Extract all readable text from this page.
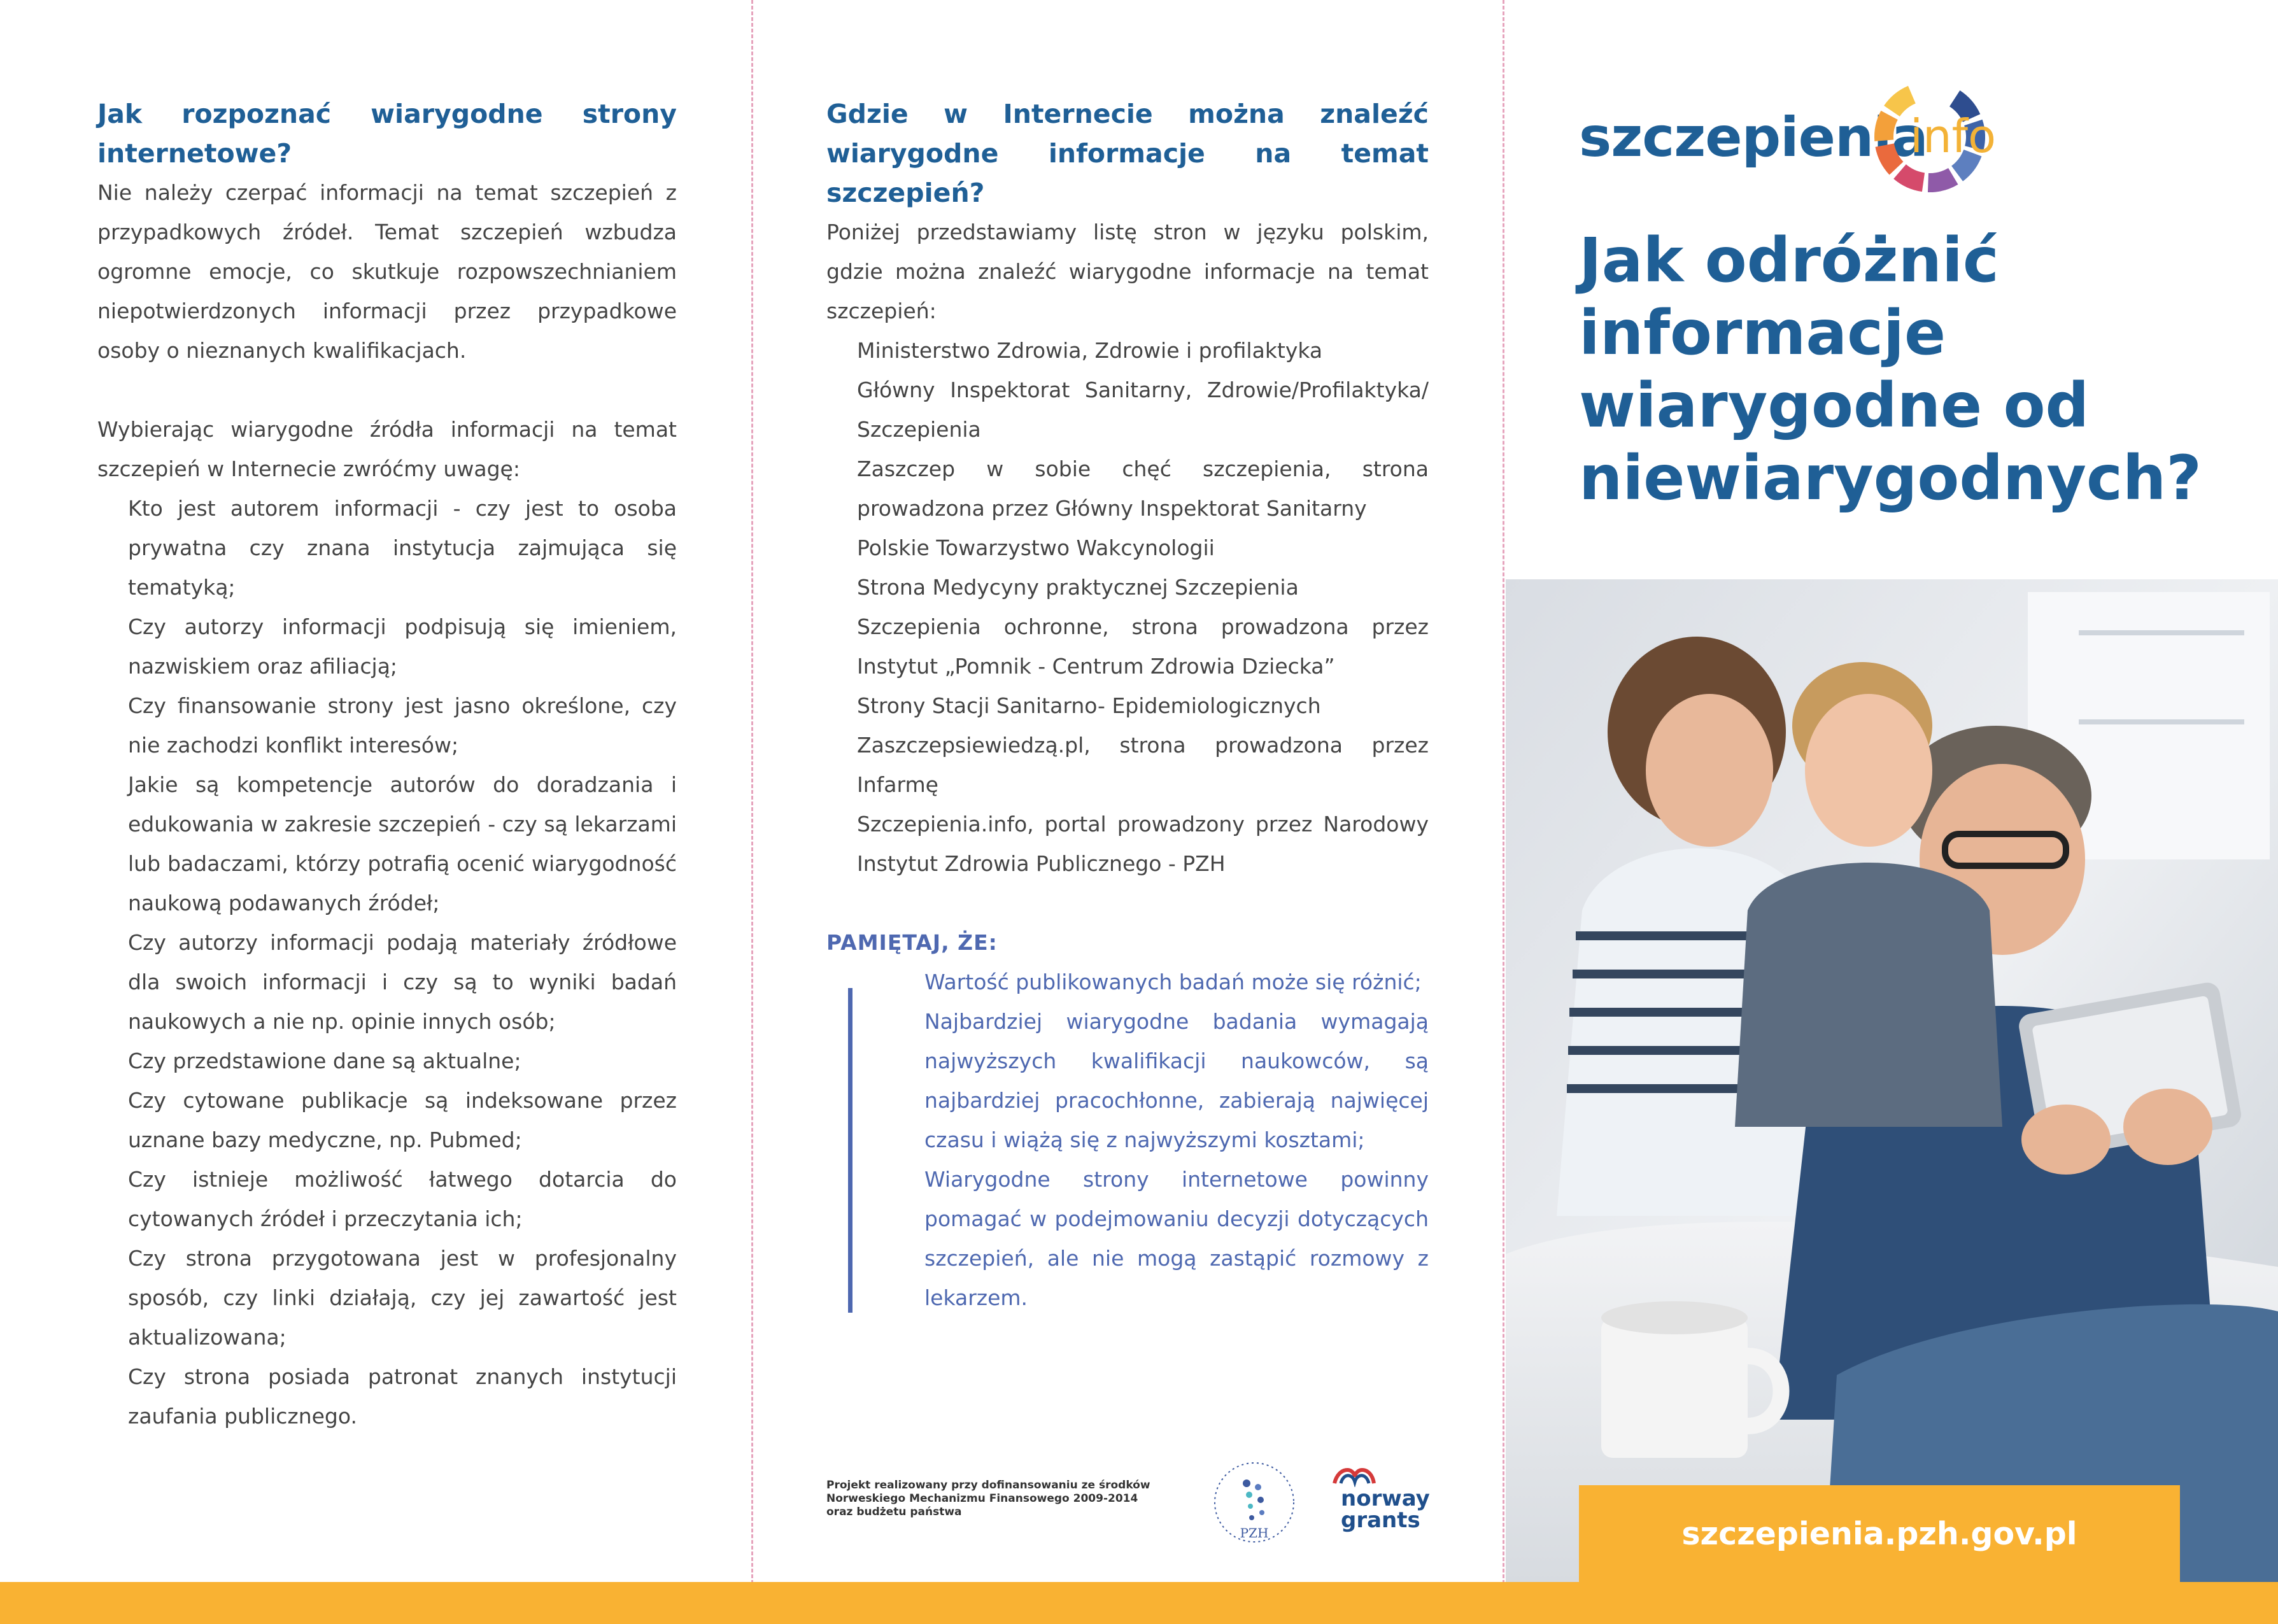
Jak rozpoznać wiarygodne strony internetowe?

Nie należy czerpać informacji na temat szczepień z przypadkowych źródeł. Temat szczepień wzbudza ogromne emocje, co skutkuje rozpowszechnianiem niepotwierdzonych informacji przez przypadkowe osoby o nieznanych kwalifikacjach.

Wybierając wiarygodne źródła informacji na temat szczepień w Internecie zwróćmy uwagę:

Kto jest autorem informacji - czy jest to osoba prywatna czy znana instytucja zajmująca się tematyką;
Czy autorzy informacji podpisują się imieniem, nazwiskiem oraz afiliacją;
Czy finansowanie strony jest jasno określone, czy nie zachodzi konflikt interesów;
Jakie są kompetencje autorów do doradzania i edukowania w zakresie szczepień - czy są lekarzami lub badaczami, którzy potrafią ocenić wiarygodność naukową podawanych źródeł;
Czy autorzy informacji podają materiały źródłowe dla swoich informacji i czy są to wyniki badań naukowych a nie np. opinie innych osób;
Czy przedstawione dane są aktualne;
Czy cytowane publikacje są indeksowane przez uznane bazy medyczne, np. Pubmed;
Czy istnieje możliwość łatwego dotarcia do cytowanych źródeł i przeczytania ich;
Czy strona przygotowana jest w profesjonalny sposób, czy linki działają, czy jej zawartość jest aktualizowana;
Czy strona posiada patronat znanych instytucji zaufania publicznego.
Gdzie w Internecie można znaleźć wiarygodne informacje na temat szczepień?

Poniżej przedstawiamy listę stron w języku polskim, gdzie można znaleźć wiarygodne informacje na temat szczepień:

Ministerstwo Zdrowia, Zdrowie i profilaktyka
Główny Inspektorat Sanitarny, Zdrowie/Profilaktyka/ Szczepienia
Zaszczep w sobie chęć szczepienia, strona prowadzona przez Główny Inspektorat Sanitarny
Polskie Towarzystwo Wakcynologii
Strona Medycyny praktycznej Szczepienia
Szczepienia ochronne, strona prowadzona przez Instytut „Pomnik - Centrum Zdrowia Dziecka”
Strony Stacji Sanitarno- Epidemiologicznych
Zaszczepsiewiedzą.pl, strona prowadzona przez Infarmę
Szczepienia.info, portal prowadzony przez Narodowy Instytut Zdrowia Publicznego - PZH

PAMIĘTAJ, ŻE:

Wartość publikowanych badań może się różnić;
Najbardziej wiarygodne badania wymagają najwyższych kwalifikacji naukowców, są najbardziej pracochłonne, zabierają najwięcej czasu i wiążą się z najwyższymi kosztami;
Wiarygodne strony internetowe powinny pomagać w podejmowaniu decyzji dotyczących szczepień, ale nie mogą zastąpić rozmowy z lekarzem.
Projekt realizowany przy dofinansowaniu ze środków
Norweskiego Mechanizmu Finansowego 2009-2014
oraz budżetu państwa
PZH
norway
grants
szczepienia
info
Jak odróżnić
informacje
wiarygodne od
niewiarygodnych?
szczepienia.pzh.gov.pl
